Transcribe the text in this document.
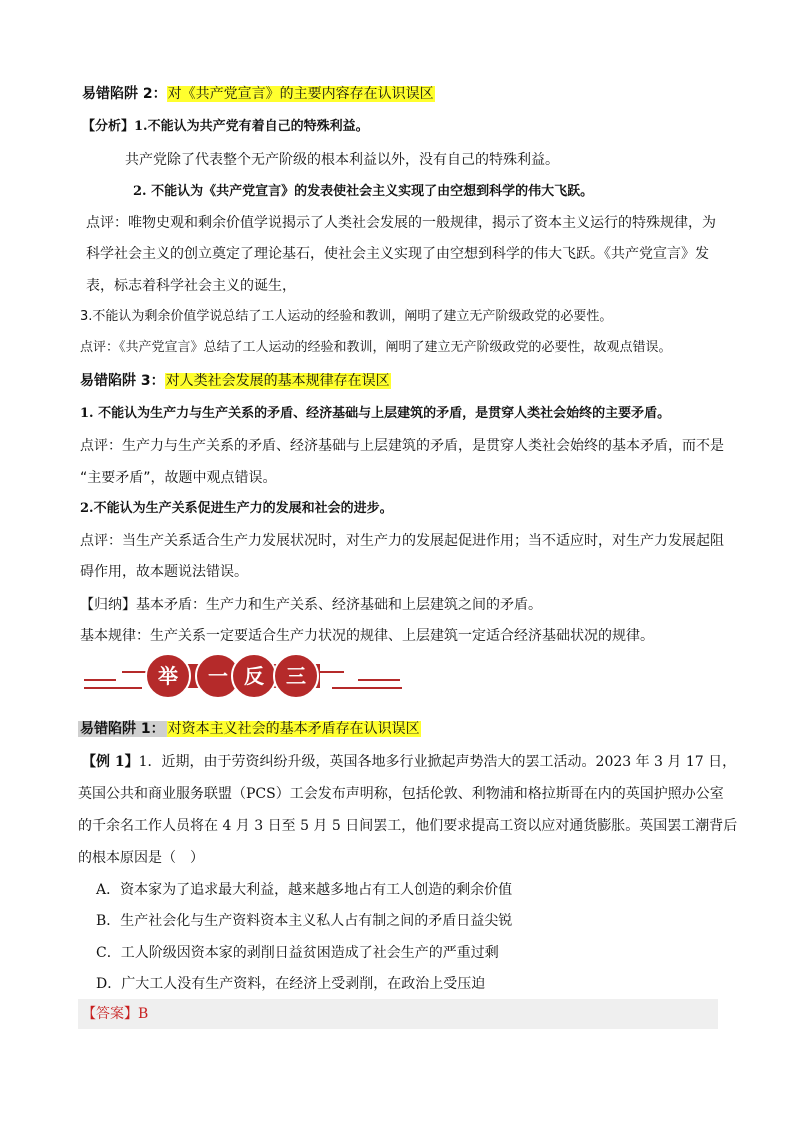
易错陷阱 2：对《共产党宣言》的主要内容存在认识误区
【分析】1.不能认为共产党有着自己的特殊利益。
共产党除了代表整个无产阶级的根本利益以外，没有自己的特殊利益。
2. 不能认为《共产党宣言》的发表使社会主义实现了由空想到科学的伟大飞跃。
点评：唯物史观和剩余价值学说揭示了人类社会发展的一般规律，揭示了资本主义运行的特殊规律，为
科学社会主义的创立奠定了理论基石，使社会主义实现了由空想到科学的伟大飞跃。《共产党宣言》发
表，标志着科学社会主义的诞生，
3.不能认为剩余价值学说总结了工人运动的经验和教训，阐明了建立无产阶级政党的必要性。
点评：《共产党宣言》总结了工人运动的经验和教训，阐明了建立无产阶级政党的必要性，故观点错误。
易错陷阱 3：对人类社会发展的基本规律存在误区
1. 不能认为生产力与生产关系的矛盾、经济基础与上层建筑的矛盾，是贯穿人类社会始终的主要矛盾。
点评：生产力与生产关系的矛盾、经济基础与上层建筑的矛盾，是贯穿人类社会始终的基本矛盾，而不是
“主要矛盾”，故题中观点错误。
2.不能认为生产关系促进生产力的发展和社会的进步。
点评：当生产关系适合生产力发展状况时，对生产力的发展起促进作用；当不适应时，对生产力发展起阻
碍作用，故本题说法错误。
【归纳】基本矛盾：生产力和生产关系、经济基础和上层建筑之间的矛盾。
基本规律：生产关系一定要适合生产力状况的规律、上层建筑一定适合经济基础状况的规律。
举 一 反 三
易错陷阱 1： 对资本主义社会的基本矛盾存在认识误区
【例 1】1．近期，由于劳资纠纷升级，英国各地多行业掀起声势浩大的罢工活动。2023 年 3 月 17 日，
英国公共和商业服务联盟（PCS）工会发布声明称，包括伦敦、利物浦和格拉斯哥在内的英国护照办公室
的千余名工作人员将在 4 月 3 日至 5 月 5 日间罢工，他们要求提高工资以应对通货膨胀。英国罢工潮背后
的根本原因是（　）
A．资本家为了追求最大利益，越来越多地占有工人创造的剩余价值
B．生产社会化与生产资料资本主义私人占有制之间的矛盾日益尖锐
C．工人阶级因资本家的剥削日益贫困造成了社会生产的严重过剩
D．广大工人没有生产资料，在经济上受剥削，在政治上受压迫
【答案】B
